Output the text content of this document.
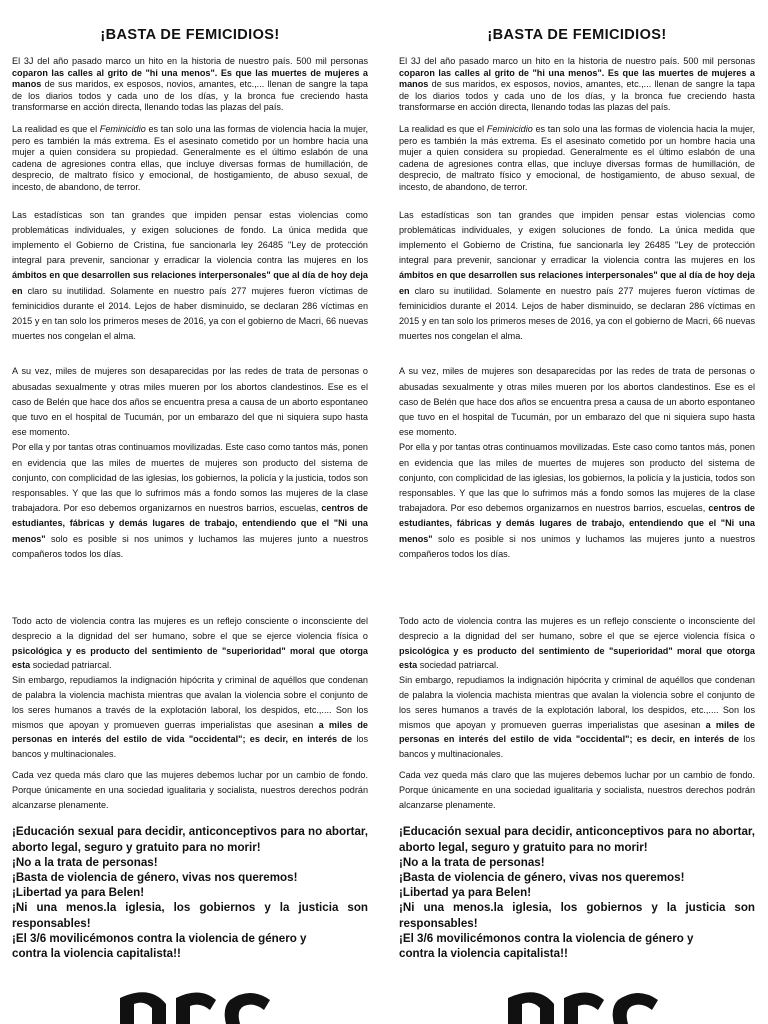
¡BASTA DE FEMICIDIOS!

El 3J del año pasado marco un hito en la historia de nuestro país. 500 mil personas coparon las calles al grito de "hi una menos". Es que las muertes de mujeres a manos de sus maridos, ex esposos, novios, amantes, etc.,... llenan de sangre la tapa de los diarios todos y cada uno de los días, y la bronca fue creciendo hasta transformarse en acción directa, llenando todas las plazas del país.

La realidad es que el Feminicidio es tan solo una las formas de violencia hacia la mujer, pero es también la más extrema. Es el asesinato cometido por un hombre hacia una mujer a quien considera su propiedad. Generalmente es el último eslabón de una cadena de agresiones contra ellas, que incluye diversas formas de humillación, de desprecio, de maltrato físico y emocional, de hostigamiento, de abuso sexual, de incesto, de abandono, de terror.

Las estadísticas son tan grandes que impiden pensar estas violencias como problemáticas individuales, y exigen soluciones de fondo. La única medida que implemento el Gobierno de Cristina, fue sancionarla ley 26485 "Ley de protección integral para prevenir, sancionar y erradicar la violencia contra las mujeres en los ámbitos en que desarrollen sus relaciones interpersonales" que al día de hoy deja en claro su inutilidad. Solamente en nuestro país 277 mujeres fueron víctimas de feminicidios durante el 2014. Lejos de haber disminuido, se declaran 286 víctimas en 2015 y en tan solo los primeros meses de 2016, ya con el gobierno de Macri, 66 nuevas muertes nos congelan el alma.

A su vez, miles de mujeres son desaparecidas por las redes de trata de personas o abusadas sexualmente y otras miles mueren por los abortos clandestinos. Ese es el caso de Belén que hace dos años se encuentra presa a causa de un aborto espontaneo que tuvo en el hospital de Tucumán, por un embarazo del que ni siquiera supo hasta ese momento.

Por ella y por tantas otras continuamos movilizadas. Este caso como tantos más, ponen en evidencia que las miles de muertes de mujeres son producto del sistema de conjunto, con complicidad de las iglesias, los gobiernos, la policía y la justicia, todos son responsables. Y que las que lo sufrimos más a fondo somos las mujeres de la clase trabajadora. Por eso debemos organizarnos en nuestros barrios, escuelas, centros de estudiantes, fábricas y demás lugares de trabajo, entendiendo que el "Ni una menos" solo es posible si nos unimos y luchamos las mujeres junto a nuestros compañeros todos los días.

Todo acto de violencia contra las mujeres es un reflejo consciente o inconsciente del desprecio a la dignidad del ser humano, sobre el que se ejerce violencia física o psicológica y es producto del sentimiento de "superioridad" moral que otorga esta sociedad patriarcal.

Sin embargo, repudiamos la indignación hipócrita y criminal de aquéllos que condenan de palabra la violencia machista mientras que avalan la violencia sobre el conjunto de los seres humanos a través de la explotación laboral, los despidos, etc.,.... Son los mismos que apoyan y promueven guerras imperialistas que asesinan a miles de personas en interés del estilo de vida "occidental"; es decir, en interés de los bancos y multinacionales.

Cada vez queda más claro que las mujeres debemos luchar por un cambio de fondo. Porque únicamente en una sociedad igualitaria y socialista, nuestros derechos podrán alcanzarse plenamente.

¡Educación sexual para decidir, anticonceptivos para no abortar, aborto legal, seguro y gratuito para no morir!
¡No a la trata de personas!
¡Basta de violencia de género, vivas nos queremos!
¡Libertad ya para Belen!
¡Ni una menos.la iglesia, los gobiernos y la justicia son responsables!
¡El 3/6 movilicémonos contra la violencia de género y
contra la violencia capitalista!!
¡BASTA DE FEMICIDIOS!

El 3J del año pasado marco un hito en la historia de nuestro país. 500 mil personas coparon las calles al grito de "hi una menos". Es que las muertes de mujeres a manos de sus maridos, ex esposos, novios, amantes, etc.,... llenan de sangre la tapa de los diarios todos y cada uno de los días, y la bronca fue creciendo hasta transformarse en acción directa, llenando todas las plazas del país.

La realidad es que el Feminicidio es tan solo una las formas de violencia hacia la mujer, pero es también la más extrema. Es el asesinato cometido por un hombre hacia una mujer a quien considera su propiedad. Generalmente es el último eslabón de una cadena de agresiones contra ellas, que incluye diversas formas de humillación, de desprecio, de maltrato físico y emocional, de hostigamiento, de abuso sexual, de incesto, de abandono, de terror.

Las estadísticas son tan grandes que impiden pensar estas violencias como problemáticas individuales, y exigen soluciones de fondo. La única medida que implemento el Gobierno de Cristina, fue sancionarla ley 26485 "Ley de protección integral para prevenir, sancionar y erradicar la violencia contra las mujeres en los ámbitos en que desarrollen sus relaciones interpersonales" que al día de hoy deja en claro su inutilidad. Solamente en nuestro país 277 mujeres fueron víctimas de feminicidios durante el 2014. Lejos de haber disminuido, se declaran 286 víctimas en 2015 y en tan solo los primeros meses de 2016, ya con el gobierno de Macri, 66 nuevas muertes nos congelan el alma.

A su vez, miles de mujeres son desaparecidas por las redes de trata de personas o abusadas sexualmente y otras miles mueren por los abortos clandestinos. Ese es el caso de Belén que hace dos años se encuentra presa a causa de un aborto espontaneo que tuvo en el hospital de Tucumán, por un embarazo del que ni siquiera supo hasta ese momento.

Por ella y por tantas otras continuamos movilizadas. Este caso como tantos más, ponen en evidencia que las miles de muertes de mujeres son producto del sistema de conjunto, con complicidad de las iglesias, los gobiernos, la policía y la justicia, todos son responsables. Y que las que lo sufrimos más a fondo somos las mujeres de la clase trabajadora. Por eso debemos organizarnos en nuestros barrios, escuelas, centros de estudiantes, fábricas y demás lugares de trabajo, entendiendo que el "Ni una menos" solo es posible si nos unimos y luchamos las mujeres junto a nuestros compañeros todos los días.

Todo acto de violencia contra las mujeres es un reflejo consciente o inconsciente del desprecio a la dignidad del ser humano, sobre el que se ejerce violencia física o psicológica y es producto del sentimiento de "superioridad" moral que otorga esta sociedad patriarcal.

Sin embargo, repudiamos la indignación hipócrita y criminal de aquéllos que condenan de palabra la violencia machista mientras que avalan la violencia sobre el conjunto de los seres humanos a través de la explotación laboral, los despidos, etc.,.... Son los mismos que apoyan y promueven guerras imperialistas que asesinan a miles de personas en interés del estilo de vida "occidental"; es decir, en interés de los bancos y multinacionales.

Cada vez queda más claro que las mujeres debemos luchar por un cambio de fondo. Porque únicamente en una sociedad igualitaria y socialista, nuestros derechos podrán alcanzarse plenamente.

¡Educación sexual para decidir, anticonceptivos para no abortar, aborto legal, seguro y gratuito para no morir!
¡No a la trata de personas!
¡Basta de violencia de género, vivas nos queremos!
¡Libertad ya para Belen!
¡Ni una menos.la iglesia, los gobiernos y la justicia son responsables!
¡El 3/6 movilicémonos contra la violencia de género y
contra la violencia capitalista!!
